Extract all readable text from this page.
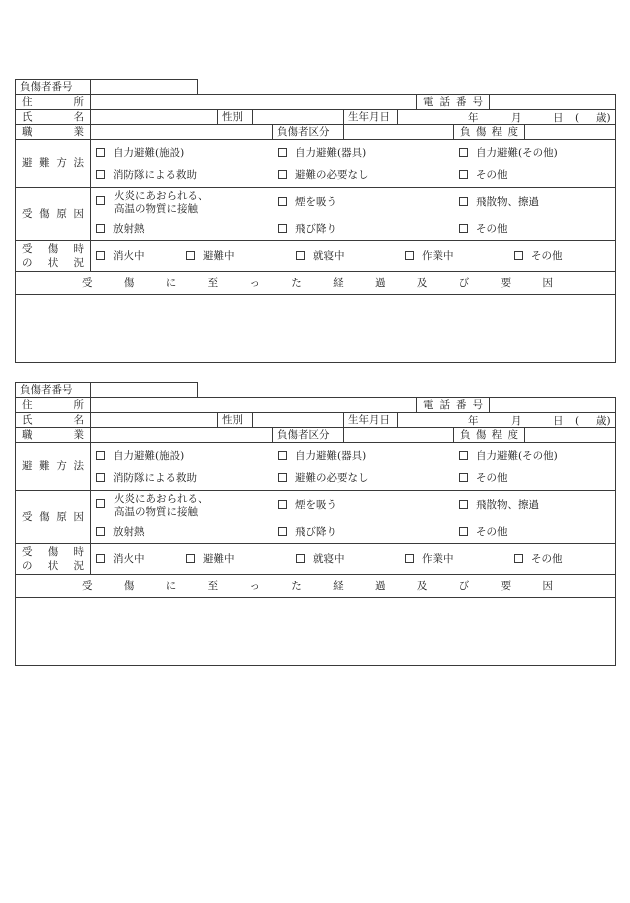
負傷者番号
住	所	電 話 番 号
氏	名	性別	生年月日	年	月	日 ( 歳)
職	業	負傷者区分	負 傷 程 度
避 難 方 法
自力避難(施設)	自力避難(器具)	自力避難(その他)
消防隊による救助	避難の必要なし	その他
受 傷 原 因
火炎にあおられる、
高温の物質に接触
煙を吸う	飛散物、擦過
放射熱	飛び降り	その他
受 傷 時
の 状 況
消火中	避難中	就寝中	作業中	その他
受	傷	に	至	っ	た	経	過	及	び	要	因
負傷者番号
住	所	電 話 番 号
氏	名	性別	生年月日	年	月	日 ( 歳)
職	業	負傷者区分	負 傷 程 度
避 難 方 法
自力避難(施設)	自力避難(器具)	自力避難(その他)
消防隊による救助	避難の必要なし	その他
受 傷 原 因
火炎にあおられる、
高温の物質に接触
煙を吸う	飛散物、擦過
放射熱	飛び降り	その他
受 傷 時
の 状 況
消火中	避難中	就寝中	作業中	その他
受	傷	に	至	っ	た	経	過	及	び	要	因
